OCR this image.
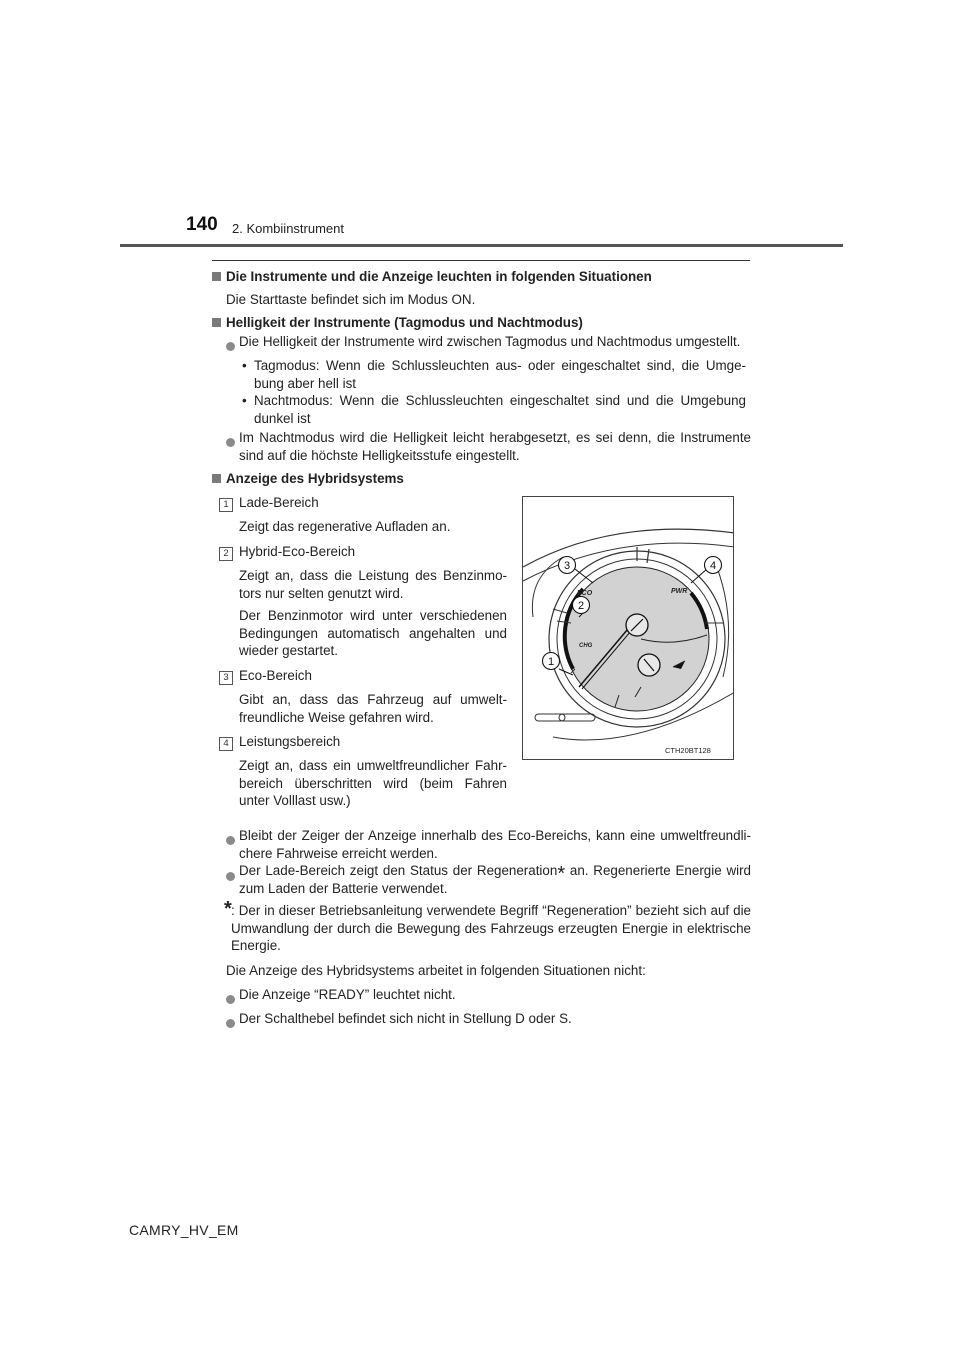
140 2. Kombiinstrument
Die Instrumente und die Anzeige leuchten in folgenden Situationen
Die Starttaste befindet sich im Modus ON.
Helligkeit der Instrumente (Tagmodus und Nachtmodus)
Die Helligkeit der Instrumente wird zwischen Tagmodus und Nachtmodus umgestellt.
• Tagmodus: Wenn die Schlussleuchten aus- oder eingeschaltet sind, die Umge-bung aber hell ist
• Nachtmodus: Wenn die Schlussleuchten eingeschaltet sind und die Umgebung dunkel ist
Im Nachtmodus wird die Helligkeit leicht herabgesetzt, es sei denn, die Instrumente sind auf die höchste Helligkeitsstufe eingestellt.
Anzeige des Hybridsystems
1 Lade-Bereich
Zeigt das regenerative Aufladen an.
2 Hybrid-Eco-Bereich
Zeigt an, dass die Leistung des Benzinmo-tors nur selten genutzt wird.
Der Benzinmotor wird unter verschiedenen Bedingungen automatisch angehalten und wieder gestartet.
3 Eco-Bereich
Gibt an, dass das Fahrzeug auf umwelt-freundliche Weise gefahren wird.
4 Leistungsbereich
Zeigt an, dass ein umweltfreundlicher Fahr-bereich überschritten wird (beim Fahren unter Volllast usw.)
ECO	PWR
CHG
3	4
2
1
CTH20BT128
Bleibt der Zeiger der Anzeige innerhalb des Eco-Bereichs, kann eine umweltfreundli-chere Fahrweise erreicht werden.
Der Lade-Bereich zeigt den Status der Regeneration* an. Regenerierte Energie wird zum Laden der Batterie verwendet.
* : Der in dieser Betriebsanleitung verwendete Begriff “Regeneration” bezieht sich auf die Umwandlung der durch die Bewegung des Fahrzeugs erzeugten Energie in elektrische Energie.
Die Anzeige des Hybridsystems arbeitet in folgenden Situationen nicht:
Die Anzeige “READY” leuchtet nicht.
Der Schalthebel befindet sich nicht in Stellung D oder S.
CAMRY_HV_EM
